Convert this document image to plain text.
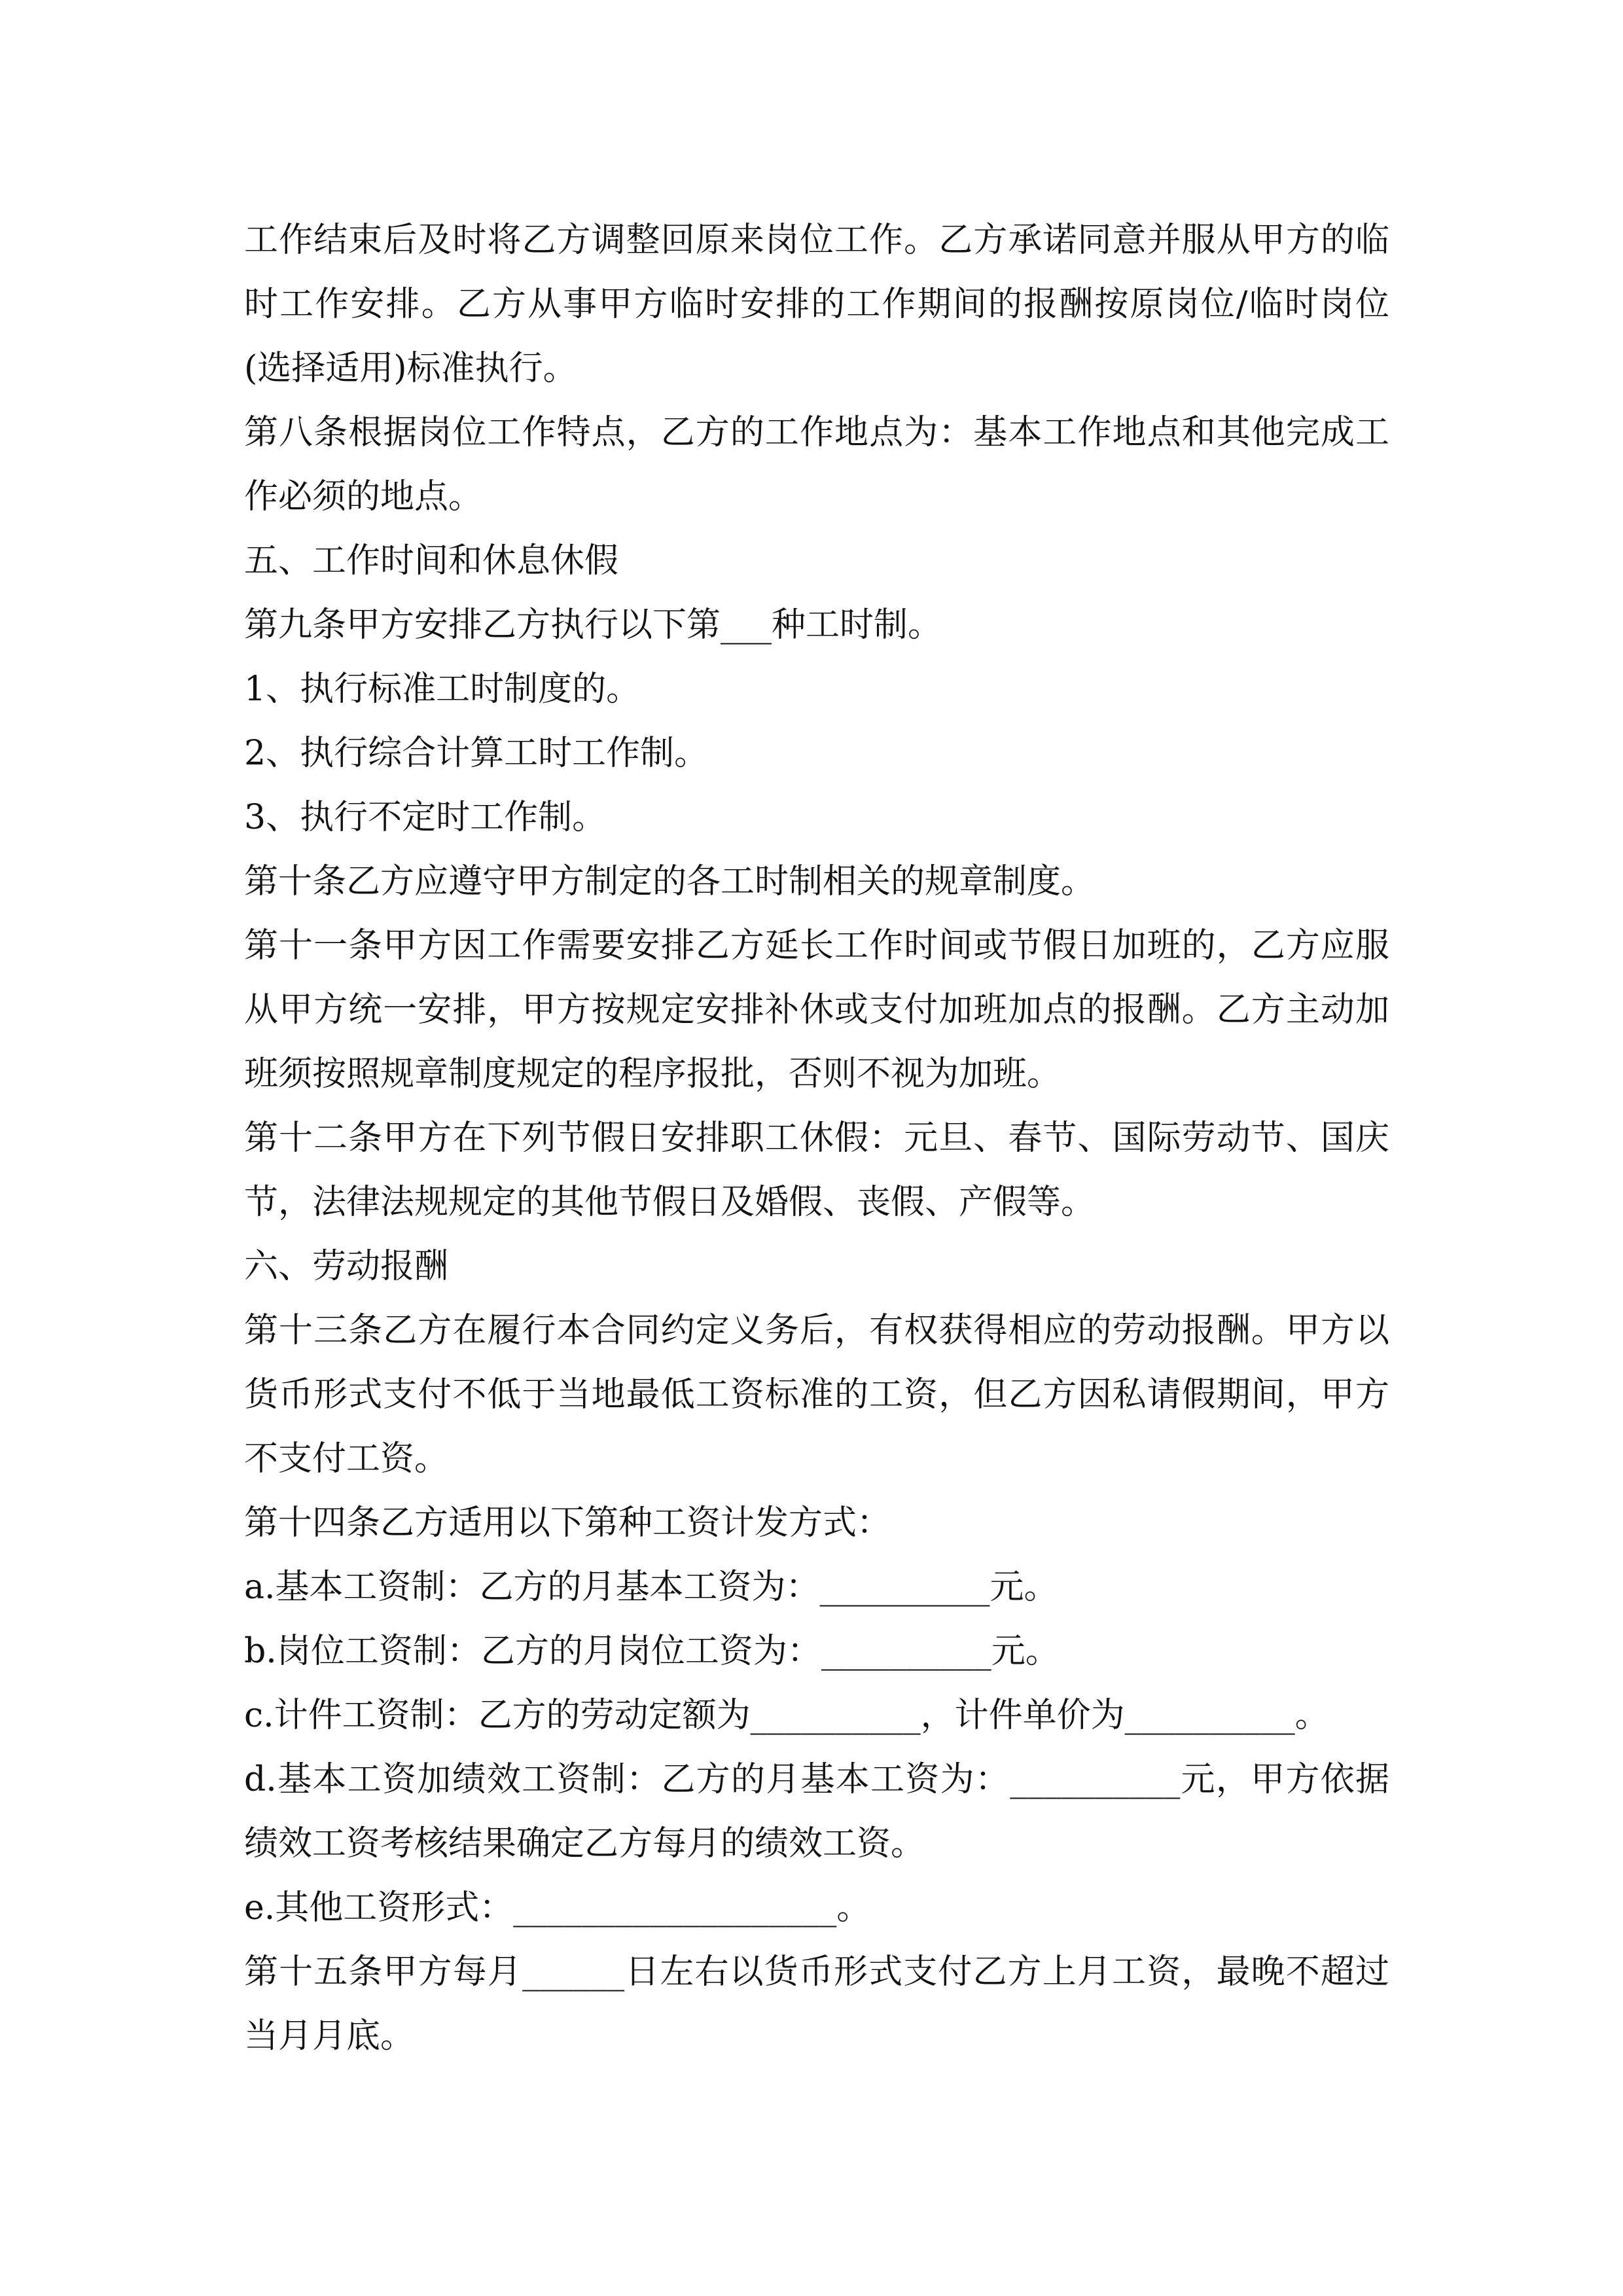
工作结束后及时将乙方调整回原来岗位工作。乙方承诺同意并服从甲方的临时工作安排。乙方从事甲方临时安排的工作期间的报酬按原岗位/临时岗位(选择适用)标准执行。

第八条根据岗位工作特点，乙方的工作地点为：基本工作地点和其他完成工作必须的地点。

五、工作时间和休息休假

第九条甲方安排乙方执行以下第___种工时制。

1、执行标准工时制度的。

2、执行综合计算工时工作制。

3、执行不定时工作制。

第十条乙方应遵守甲方制定的各工时制相关的规章制度。

第十一条甲方因工作需要安排乙方延长工作时间或节假日加班的，乙方应服从甲方统一安排，甲方按规定安排补休或支付加班加点的报酬。乙方主动加班须按照规章制度规定的程序报批，否则不视为加班。

第十二条甲方在下列节假日安排职工休假：元旦、春节、国际劳动节、国庆节，法律法规规定的其他节假日及婚假、丧假、产假等。

六、劳动报酬

第十三条乙方在履行本合同约定义务后，有权获得相应的劳动报酬。甲方以货币形式支付不低于当地最低工资标准的工资，但乙方因私请假期间，甲方不支付工资。

第十四条乙方适用以下第种工资计发方式：

a.基本工资制：乙方的月基本工资为：__________元。

b.岗位工资制：乙方的月岗位工资为：__________元。

c.计件工资制：乙方的劳动定额为__________，计件单价为__________。

d.基本工资加绩效工资制：乙方的月基本工资为：__________元，甲方依据绩效工资考核结果确定乙方每月的绩效工资。

e.其他工资形式：___________________。

第十五条甲方每月______日左右以货币形式支付乙方上月工资，最晚不超过当月月底。
